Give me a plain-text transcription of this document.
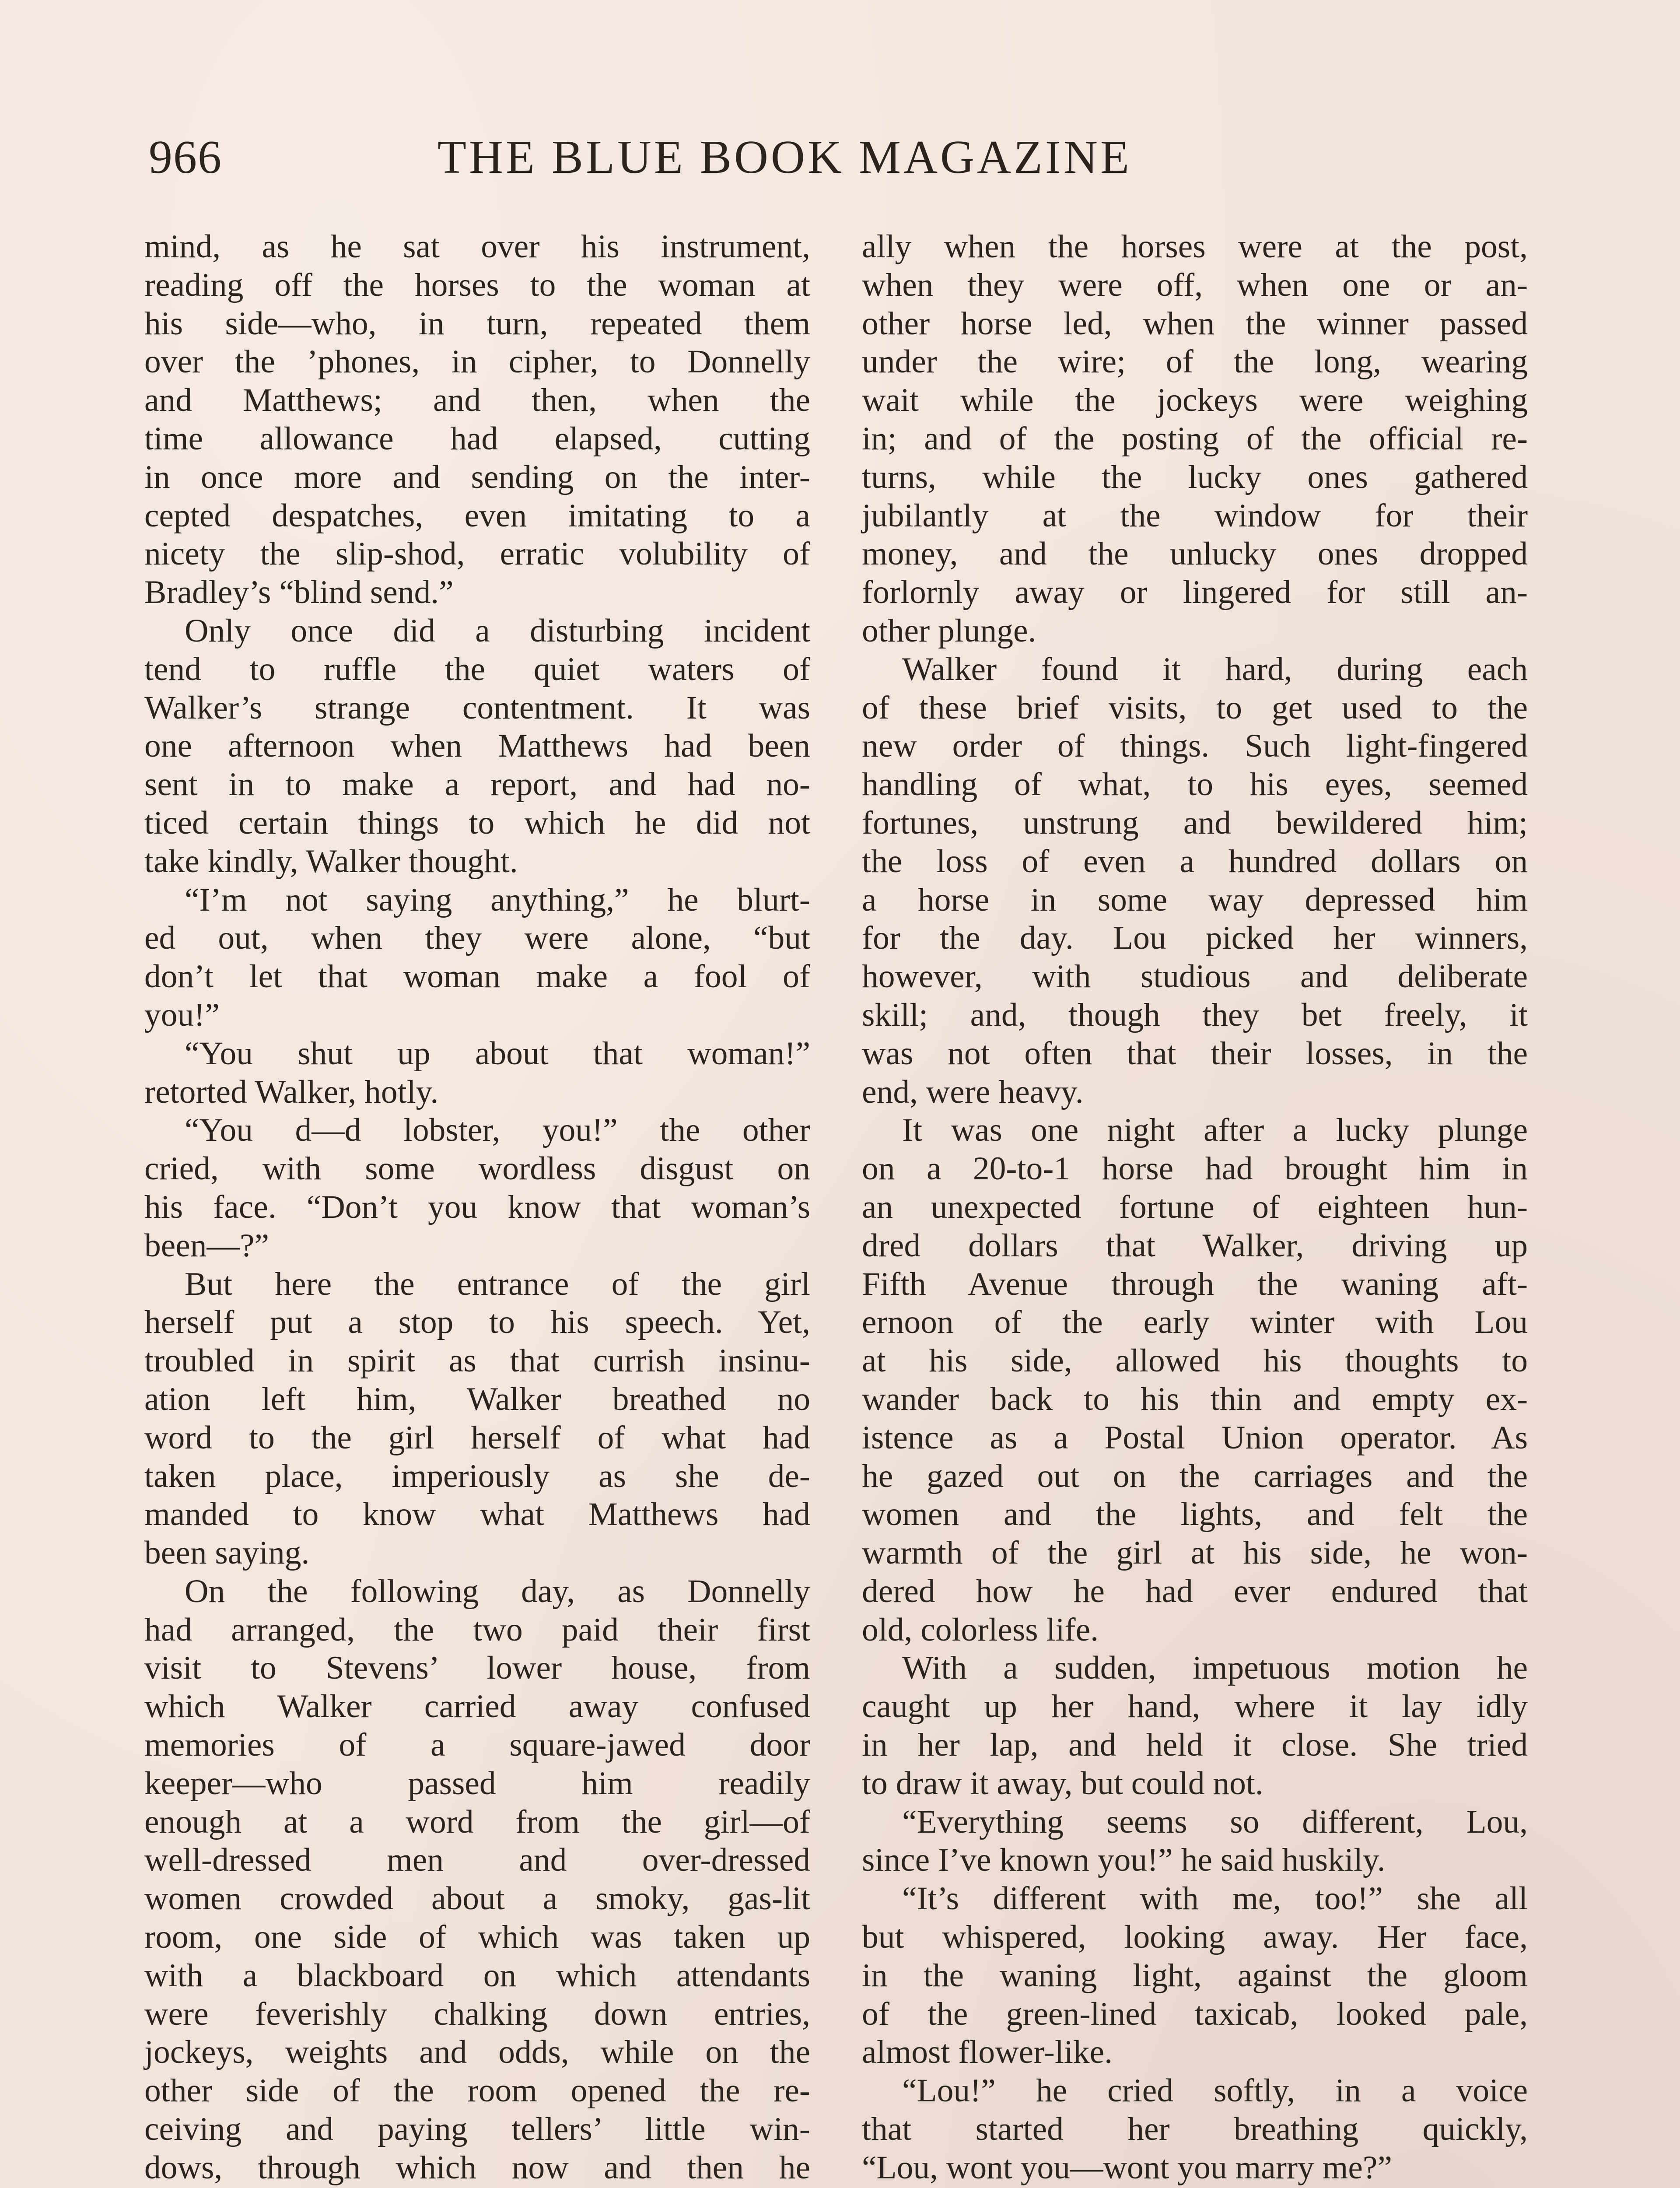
966	THE BLUE BOOK MAGAZINE
mind, as he sat over his instrument,
reading off the horses to the woman at
his side—who, in turn, repeated them
over the ’phones, in cipher, to Donnelly
and Matthews; and then, when the
time allowance had elapsed, cutting
in once more and sending on the inter-
cepted despatches, even imitating to a
nicety the slip-shod, erratic volubility of
Bradley’s “blind send.”
Only once did a disturbing incident
tend to ruffle the quiet waters of
Walker’s strange contentment. It was
one afternoon when Matthews had been
sent in to make a report, and had no-
ticed certain things to which he did not
take kindly, Walker thought.
“I’m not saying anything,” he blurt-
ed out, when they were alone, “but
don’t let that woman make a fool of
you!”
“You shut up about that woman!”
retorted Walker, hotly.
“You d—d lobster, you!” the other
cried, with some wordless disgust on
his face. “Don’t you know that woman’s
been—?”
But here the entrance of the girl
herself put a stop to his speech. Yet,
troubled in spirit as that currish insinu-
ation left him, Walker breathed no
word to the girl herself of what had
taken place, imperiously as she de-
manded to know what Matthews had
been saying.
On the following day, as Donnelly
had arranged, the two paid their first
visit to Stevens’ lower house, from
which Walker carried away confused
memories of a square-jawed door
keeper—who passed him readily
enough at a word from the girl—of
well-dressed men and over-dressed
women crowded about a smoky, gas-lit
room, one side of which was taken up
with a blackboard on which attendants
were feverishly chalking down entries,
jockeys, weights and odds, while on the
other side of the room opened the re-
ceiving and paying tellers’ little win-
dows, through which now and then he
ally when the horses were at the post,
when they were off, when one or an-
other horse led, when the winner passed
under the wire; of the long, wearing
wait while the jockeys were weighing
in; and of the posting of the official re-
turns, while the lucky ones gathered
jubilantly at the window for their
money, and the unlucky ones dropped
forlornly away or lingered for still an-
other plunge.
Walker found it hard, during each
of these brief visits, to get used to the
new order of things. Such light-fingered
handling of what, to his eyes, seemed
fortunes, unstrung and bewildered him;
the loss of even a hundred dollars on
a horse in some way depressed him
for the day. Lou picked her winners,
however, with studious and deliberate
skill; and, though they bet freely, it
was not often that their losses, in the
end, were heavy.
It was one night after a lucky plunge
on a 20-to-1 horse had brought him in
an unexpected fortune of eighteen hun-
dred dollars that Walker, driving up
Fifth Avenue through the waning aft-
ernoon of the early winter with Lou
at his side, allowed his thoughts to
wander back to his thin and empty ex-
istence as a Postal Union operator. As
he gazed out on the carriages and the
women and the lights, and felt the
warmth of the girl at his side, he won-
dered how he had ever endured that
old, colorless life.
With a sudden, impetuous motion he
caught up her hand, where it lay idly
in her lap, and held it close. She tried
to draw it away, but could not.
“Everything seems so different, Lou,
since I’ve known you!” he said huskily.
“It’s different with me, too!” she all
but whispered, looking away. Her face,
in the waning light, against the gloom
of the green-lined taxicab, looked pale,
almost flower-like.
“Lou!” he cried softly, in a voice
that started her breathing quickly,
“Lou, wont you—wont you marry me?”
